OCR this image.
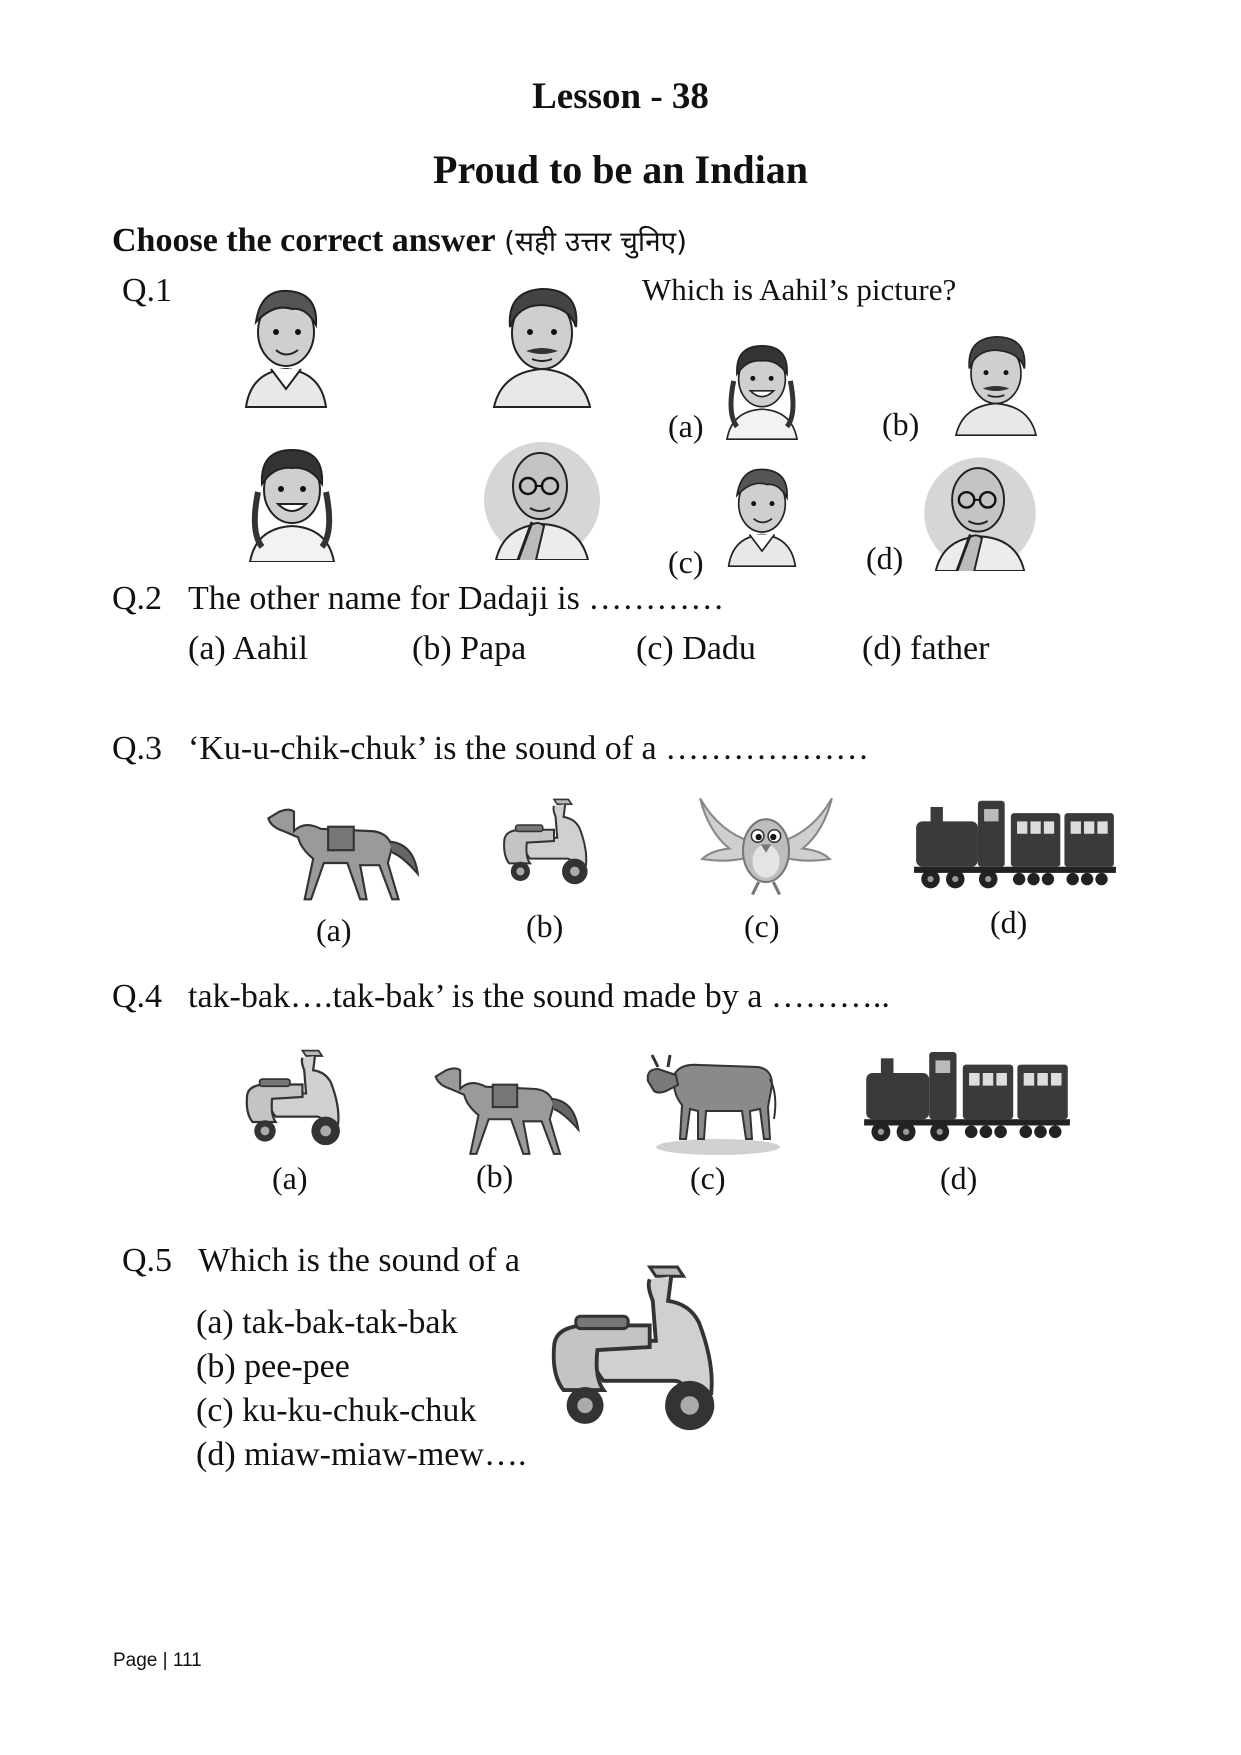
Lesson - 38
Proud to be an Indian
Choose the correct answer (सही उत्तर चुनिए)
Q.1	Which is Aahil’s picture?
(a)	(b)
(c)	(d)
Q.2 The other name for Dadaji is …………
(a) Aahil	(b) Papa	(c) Dadu	(d) father
Q.3 ‘Ku-u-chik-chuk’ is the sound of a ………………
(a)	(b)	(c)	(d)
Q.4 tak-bak….tak-bak’ is the sound made by a ………..
(a)	(b)	(c)	(d)
Q.5 Which is the sound of a
(a) tak-bak-tak-bak
(b) pee-pee
(c) ku-ku-chuk-chuk
(d) miaw-miaw-mew….
Page | 111
